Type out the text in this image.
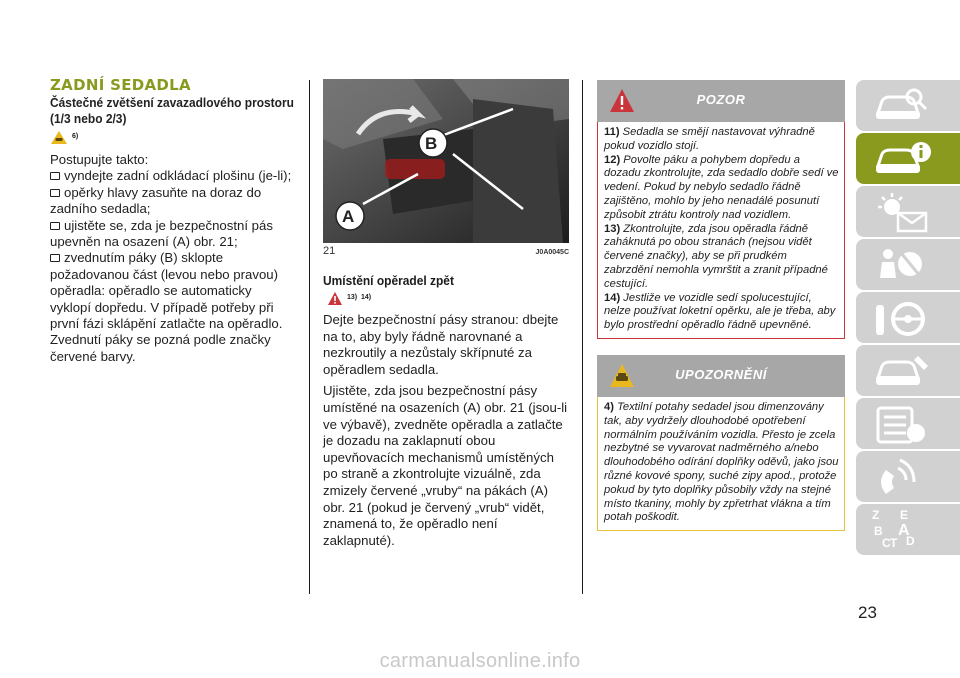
ZADNÍ SEDADLA
Částečné zvětšení zavazadlového prostoru (1/3 nebo 2/3)
6)
Postupujte takto:
vyndejte zadní odkládací plošinu (je-li);
opěrky hlavy zasuňte na doraz do zadního sedadla;
ujistěte se, zda je bezpečnostní pás upevněn na osazení (A) obr. 21;
zvednutím páky (B) sklopte požadovanou část (levou nebo pravou) opěradla: opěradlo se automaticky vyklopí dopředu. V případě potřeby při první fázi sklápění zatlačte na opěradlo. Zvednutí páky se pozná podle značky červené barvy.
B
A
21	J0A0045C
Umístění opěradel zpět
13)  14)
Dejte bezpečnostní pásy stranou: dbejte na to, aby byly řádně narovnané a nezkroutily a nezůstaly skřípnuté za opěradlem sedadla.
Ujistěte, zda jsou bezpečnostní pásy umístěné na osazeních (A) obr. 21 (jsou-li ve výbavě), zvedněte opěradla a zatlačte je dozadu na zaklapnutí obou upevňovacích mechanismů umístěných po straně a zkontrolujte vizuálně, zda zmizely červené „vruby“ na pákách (A) obr. 21 (pokud je červený „vrub“ vidět, znamená to, že opěradlo není zaklapnuté).
POZOR
11) Sedadla se smějí nastavovat výhradně pokud vozidlo stojí.
12) Povolte páku a pohybem dopředu a dozadu zkontrolujte, zda sedadlo dobře sedí ve vedení. Pokud by nebylo sedadlo řádně zajištěno, mohlo by jeho nenadálé posunutí způsobit ztrátu kontroly nad vozidlem.
13) Zkontrolujte, zda jsou opěradla řádně zaháknutá po obou stranách (nejsou vidět červené značky), aby se při prudkém zabrzdění nemohla vymrštit a zranit případné cestující.
14) Jestliže ve vozidle sedí spolucestující, nelze používat loketní opěrku, ale je třeba, aby bylo prostřední opěradlo řádně upevněné.
UPOZORNĚNÍ
4) Textilní potahy sedadel jsou dimenzovány tak, aby vydržely dlouhodobé opotřebení normálním používáním vozidla. Přesto je zcela nezbytné se vyvarovat nadměrného a/nebo dlouhodobého odírání doplňky oděvů, jako jsou různé kovové spony, suché zipy apod., protože pokud by tyto doplňky působily vždy na stejné místo tkaniny, mohly by zpřetrhat vlákna a tím potah poškodit.	Z E
B A
D
C T
23
carmanualsonline.info
